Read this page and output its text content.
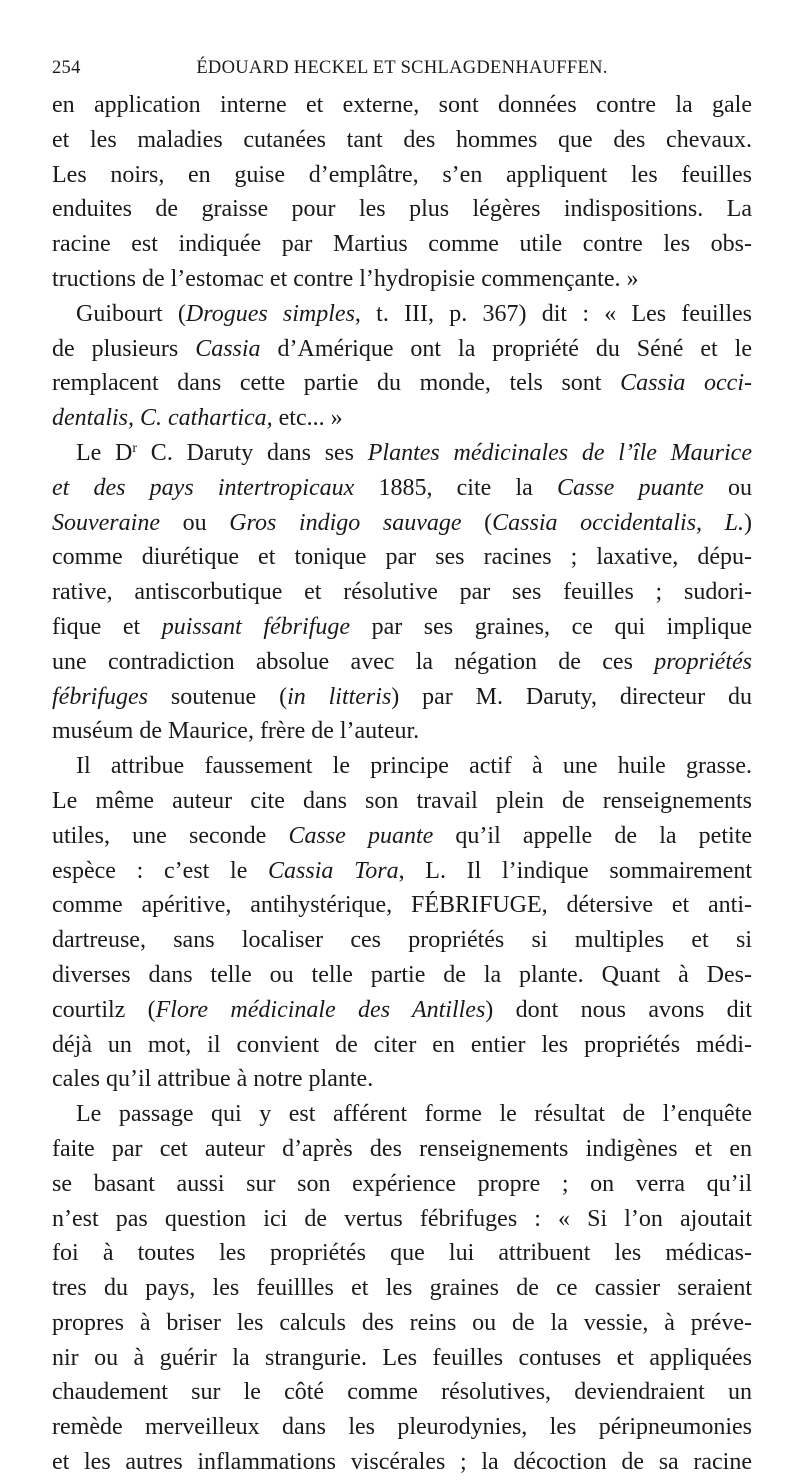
254	ÉDOUARD HECKEL ET SCHLAGDENHAUFFEN.
en application interne et externe, sont données contre la gale
et les maladies cutanées tant des hommes que des chevaux.
Les noirs, en guise d’emplâtre, s’en appliquent les feuilles
enduites de graisse pour les plus légères indispositions. La
racine est indiquée par Martius comme utile contre les obs-
tructions de l’estomac et contre l’hydropisie commençante. »
Guibourt (Drogues simples, t. III, p. 367) dit : « Les feuilles
de plusieurs Cassia d’Amérique ont la propriété du Séné et le
remplacent dans cette partie du monde, tels sont Cassia occi-
dentalis, C. cathartica, etc... »
Le $D^r$ C. Daruty dans ses Plantes médicinales de l’île Maurice
et des pays intertropicaux 1885, cite la Casse puante ou
Souveraine ou Gros indigo sauvage (Cassia occidentalis, L.)
comme diurétique et tonique par ses racines ; laxative, dépu-
rative, antiscorbutique et résolutive par ses feuilles ; sudori-
fique et puissant fébrifuge par ses graines, ce qui implique
une contradiction absolue avec la négation de ces propriétés
fébrifuges soutenue (in litteris) par M. Daruty, directeur du
muséum de Maurice, frère de l’auteur.
Il attribue faussement le principe actif à une huile grasse.
Le même auteur cite dans son travail plein de renseignements
utiles, une seconde Casse puante qu’il appelle de la petite
espèce : c’est le Cassia Tora, L. Il l’indique sommairement
comme apéritive, antihystérique, FÉBRIFUGE, détersive et anti-
dartreuse, sans localiser ces propriétés si multiples et si
diverses dans telle ou telle partie de la plante. Quant à Des-
courtilz (Flore médicinale des Antilles) dont nous avons dit
déjà un mot, il convient de citer en entier les propriétés médi-
cales qu’il attribue à notre plante.
Le passage qui y est afférent forme le résultat de l’enquête
faite par cet auteur d’après des renseignements indigènes et en
se basant aussi sur son expérience propre ; on verra qu’il
n’est pas question ici de vertus fébrifuges : « Si l’on ajoutait
foi à toutes les propriétés que lui attribuent les médicas-
tres du pays, les feuillles et les graines de ce cassier seraient
propres à briser les calculs des reins ou de la vessie, à préve-
nir ou à guérir la strangurie. Les feuilles contuses et appliquées
chaudement sur le côté comme résolutives, deviendraient un
remède merveilleux dans les pleurodynies, les péripneumonies
et les autres inflammations viscérales ; la décoction de sa racine
